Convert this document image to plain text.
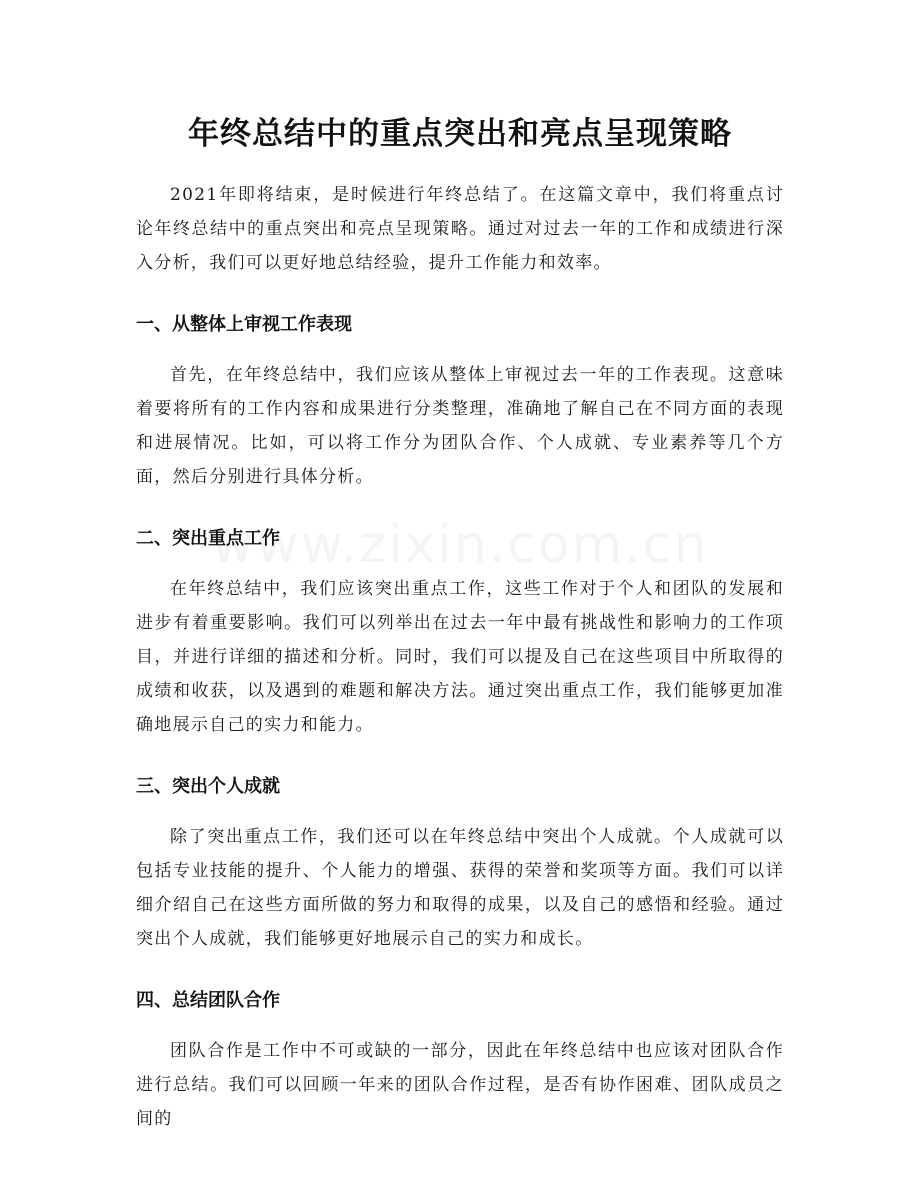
年终总结中的重点突出和亮点呈现策略

2021年即将结束，是时候进行年终总结了。在这篇文章中，我们将重点讨论年终总结中的重点突出和亮点呈现策略。通过对过去一年的工作和成绩进行深入分析，我们可以更好地总结经验，提升工作能力和效率。

一、从整体上审视工作表现

首先，在年终总结中，我们应该从整体上审视过去一年的工作表现。这意味着要将所有的工作内容和成果进行分类整理，准确地了解自己在不同方面的表现和进展情况。比如，可以将工作分为团队合作、个人成就、专业素养等几个方面，然后分别进行具体分析。

二、突出重点工作

在年终总结中，我们应该突出重点工作，这些工作对于个人和团队的发展和进步有着重要影响。我们可以列举出在过去一年中最有挑战性和影响力的工作项目，并进行详细的描述和分析。同时，我们可以提及自己在这些项目中所取得的成绩和收获，以及遇到的难题和解决方法。通过突出重点工作，我们能够更加准确地展示自己的实力和能力。

三、突出个人成就

除了突出重点工作，我们还可以在年终总结中突出个人成就。个人成就可以包括专业技能的提升、个人能力的增强、获得的荣誉和奖项等方面。我们可以详细介绍自己在这些方面所做的努力和取得的成果，以及自己的感悟和经验。通过突出个人成就，我们能够更好地展示自己的实力和成长。

四、总结团队合作

团队合作是工作中不可或缺的一部分，因此在年终总结中也应该对团队合作进行总结。我们可以回顾一年来的团队合作过程，是否有协作困难、团队成员之间的
